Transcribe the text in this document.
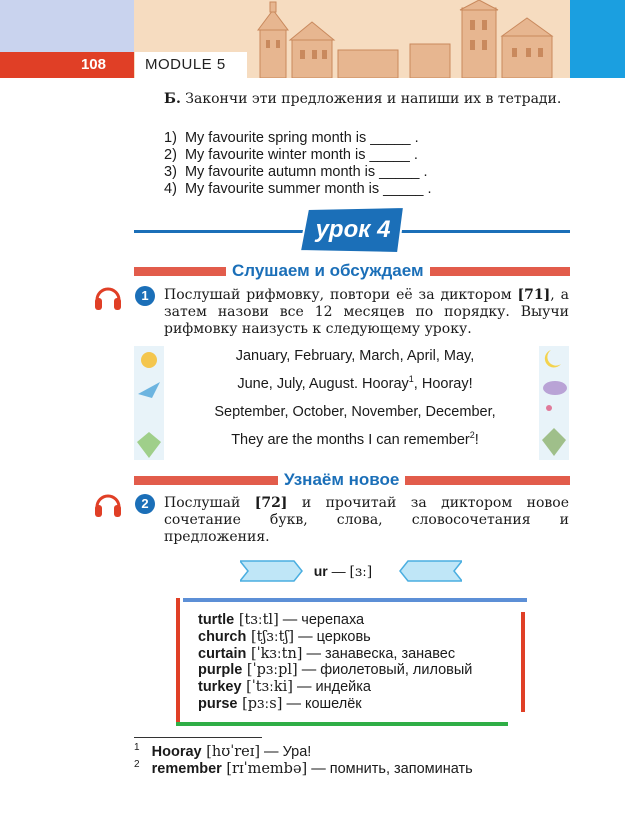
108	MODULE 5
Б. Закончи эти предложения и напиши их в тетради.
1)  My favourite spring month is _____ .
2)  My favourite winter month is _____ .
3)  My favourite autumn month is _____ .
4)  My favourite summer month is _____ .
урок 4
Слушаем и обсуждаем
1	Послушай рифмовку, повтори её за диктором [71], а затем назови все 12 месяцев по порядку. Выучи рифмовку наизусть к следующему уроку.
January, February, March, April, May,
June, July, August. Hooray$^1$, Hooray!
September, October, November, December,
They are the months I can remember$^2$!
Узнаём новое
2	Послушай [72] и прочитай за диктором новое сочетание букв, слова, словосочетания и предложения.
ur — [ɜː]
turtle [tɜːtl] — черепаха
church [tʃɜːtʃ] — церковь
curtain [ˈkɜːtn] — занавеска, занавес
purple [ˈpɜːpl] — фиолетовый, лиловый
turkey [ˈtɜːki] — индейка
purse [pɜːs] — кошелёк
$^1$ Hooray [hʊˈreɪ] — Ура!
$^2$ remember [rɪˈmembə] — помнить, запоминать
